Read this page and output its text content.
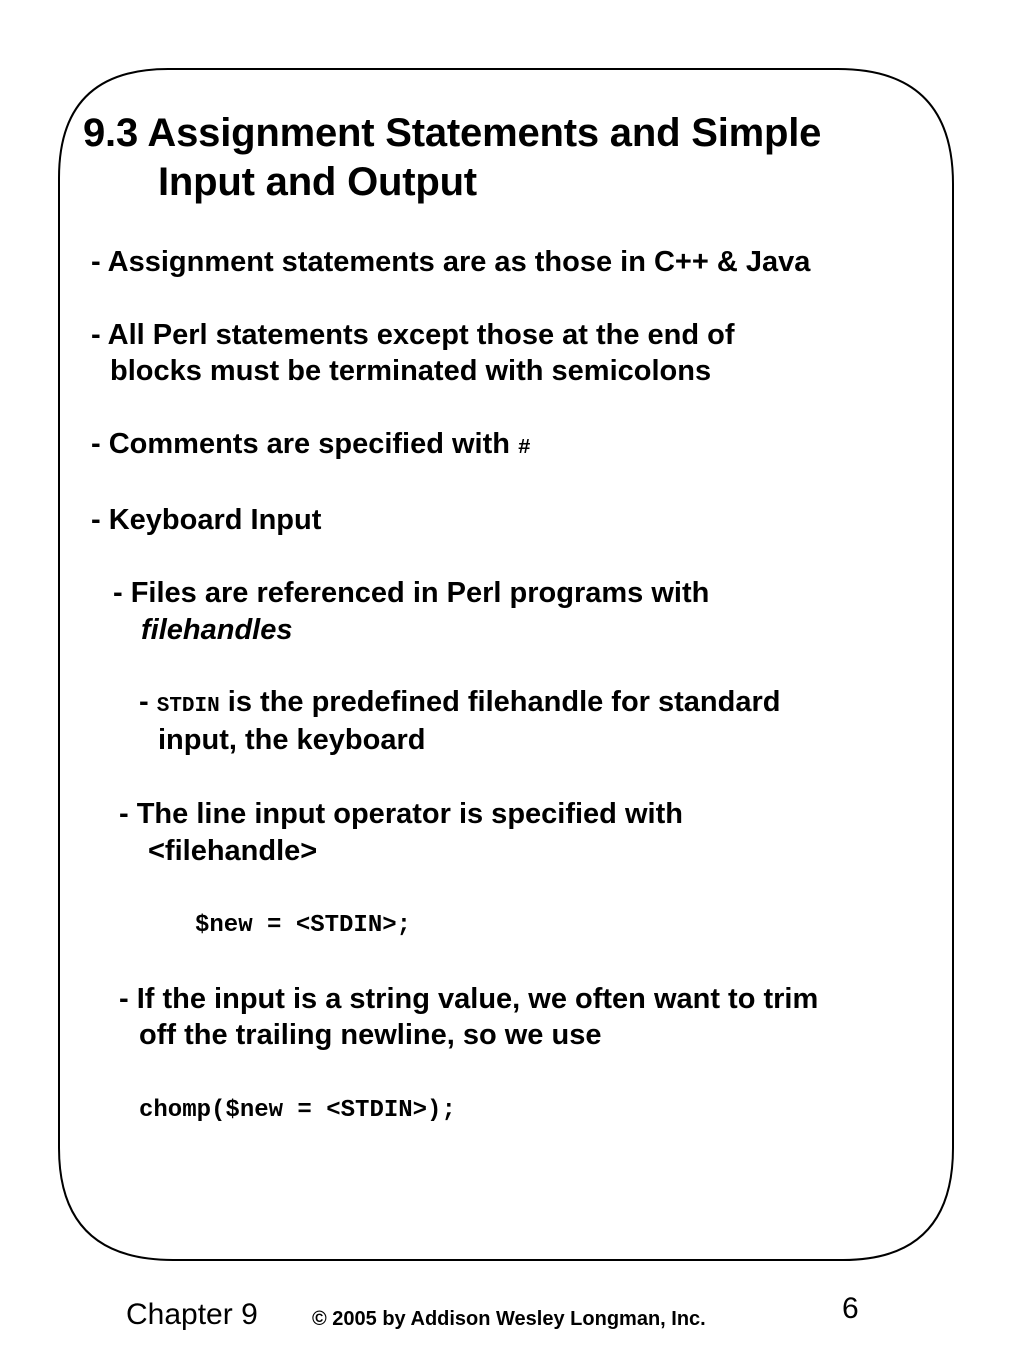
9.3 Assignment Statements and Simple
Input and Output
- Assignment statements are as those in C++ & Java
- All Perl statements except those at the end of
blocks must be terminated with semicolons
- Comments are specified with #
- Keyboard Input
- Files are referenced in Perl programs with
filehandles
- STDIN is the predefined filehandle for standard
input, the keyboard
- The line input operator is specified with
<filehandle>
$new = <STDIN>;
- If the input is a string value, we often want to trim
off the trailing newline, so we use
chomp($new = <STDIN>);
Chapter 9	© 2005 by Addison Wesley Longman, Inc.	6
